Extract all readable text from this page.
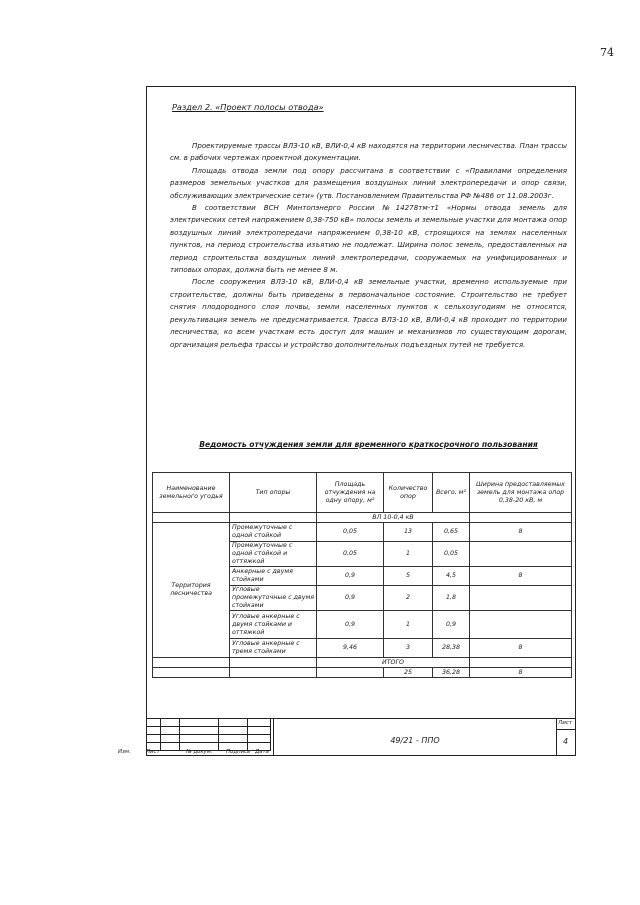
74
Раздел 2. «Проект полосы отвода»

Проектируемые трассы ВЛЗ-10 кВ, ВЛИ-0,4 кВ находятся на территории лесничества. План трассы см. в рабочих чертежах проектной документации.

Площадь отвода земли под опору рассчитана в соответствии с «Правилами определения размеров земельных участков для размещения воздушных линий электропередачи и опор связи, обслуживающих электрические сети» (утв. Постановлением Правительства РФ №486 от 11.08.2003г.

В соответствии ВСН Минтопэнерго России №14278тм-т1 «Нормы отвода земель для электрических сетей напряжением 0,38-750 кВ» полосы земель и земельные участки для монтажа опор воздушных линий электропередачи напряжением 0,38-10 кВ, строящихся на землях населенных пунктов, на период строительства изъятию не подлежат. Ширина полос земель, предоставленных на период строительства воздушных линий электропередачи, сооружаемых на унифицированных и типовых опорах, должна быть не менее 8 м.

После сооружения ВЛЗ-10 кВ, ВЛИ-0,4 кВ земельные участки, временно используемые при строительстве, должны быть приведены в первоначальное состояние. Строительство не требует снятия плодородного слоя почвы, земли населенных пунктов к сельхозугодиям не относятся, рекультивация земель не предусматривается. Трасса ВЛЗ-10 кВ, ВЛИ-0,4 кВ проходит по территории лесничества, ко всем участкам есть доступ для машин и механизмов по существующим дорогам, организация рельефа трассы и устройство дополнительных подъездных путей не требуется.

Ведомость отчуждения земли для временного краткосрочного пользования
Наименование земельного угодья	Тип опоры	Площадь отчуждения на одну опору, м²	Количество опор	Всего, м²	Ширина предоставляемых земель для монтажа опор 0,38-20 кВ, м
		ВЛ 10-0,4 кВ			
Территория лесничества	Промежуточные с одной стойкой	0,05	13	0,65	8
	Промежуточные с одной стойкой и оттяжкой	0,05	1	0,05	
	Анкерные с двумя стойками	0,9	5	4,5	8
	Угловые промежуточные с двумя стойками	0,9	2	1,8	
	Угловые анкерные с двумя стойками и оттяжкой	0,9	1	0,9	
	Угловые анкерные с тремя стойками	9,46	3	28,38	8
		ИТОГО			
			25	36,28	8

49/21 - ППО
Лист
4
Изм.	Лист	№ докум. Подпись Дата
